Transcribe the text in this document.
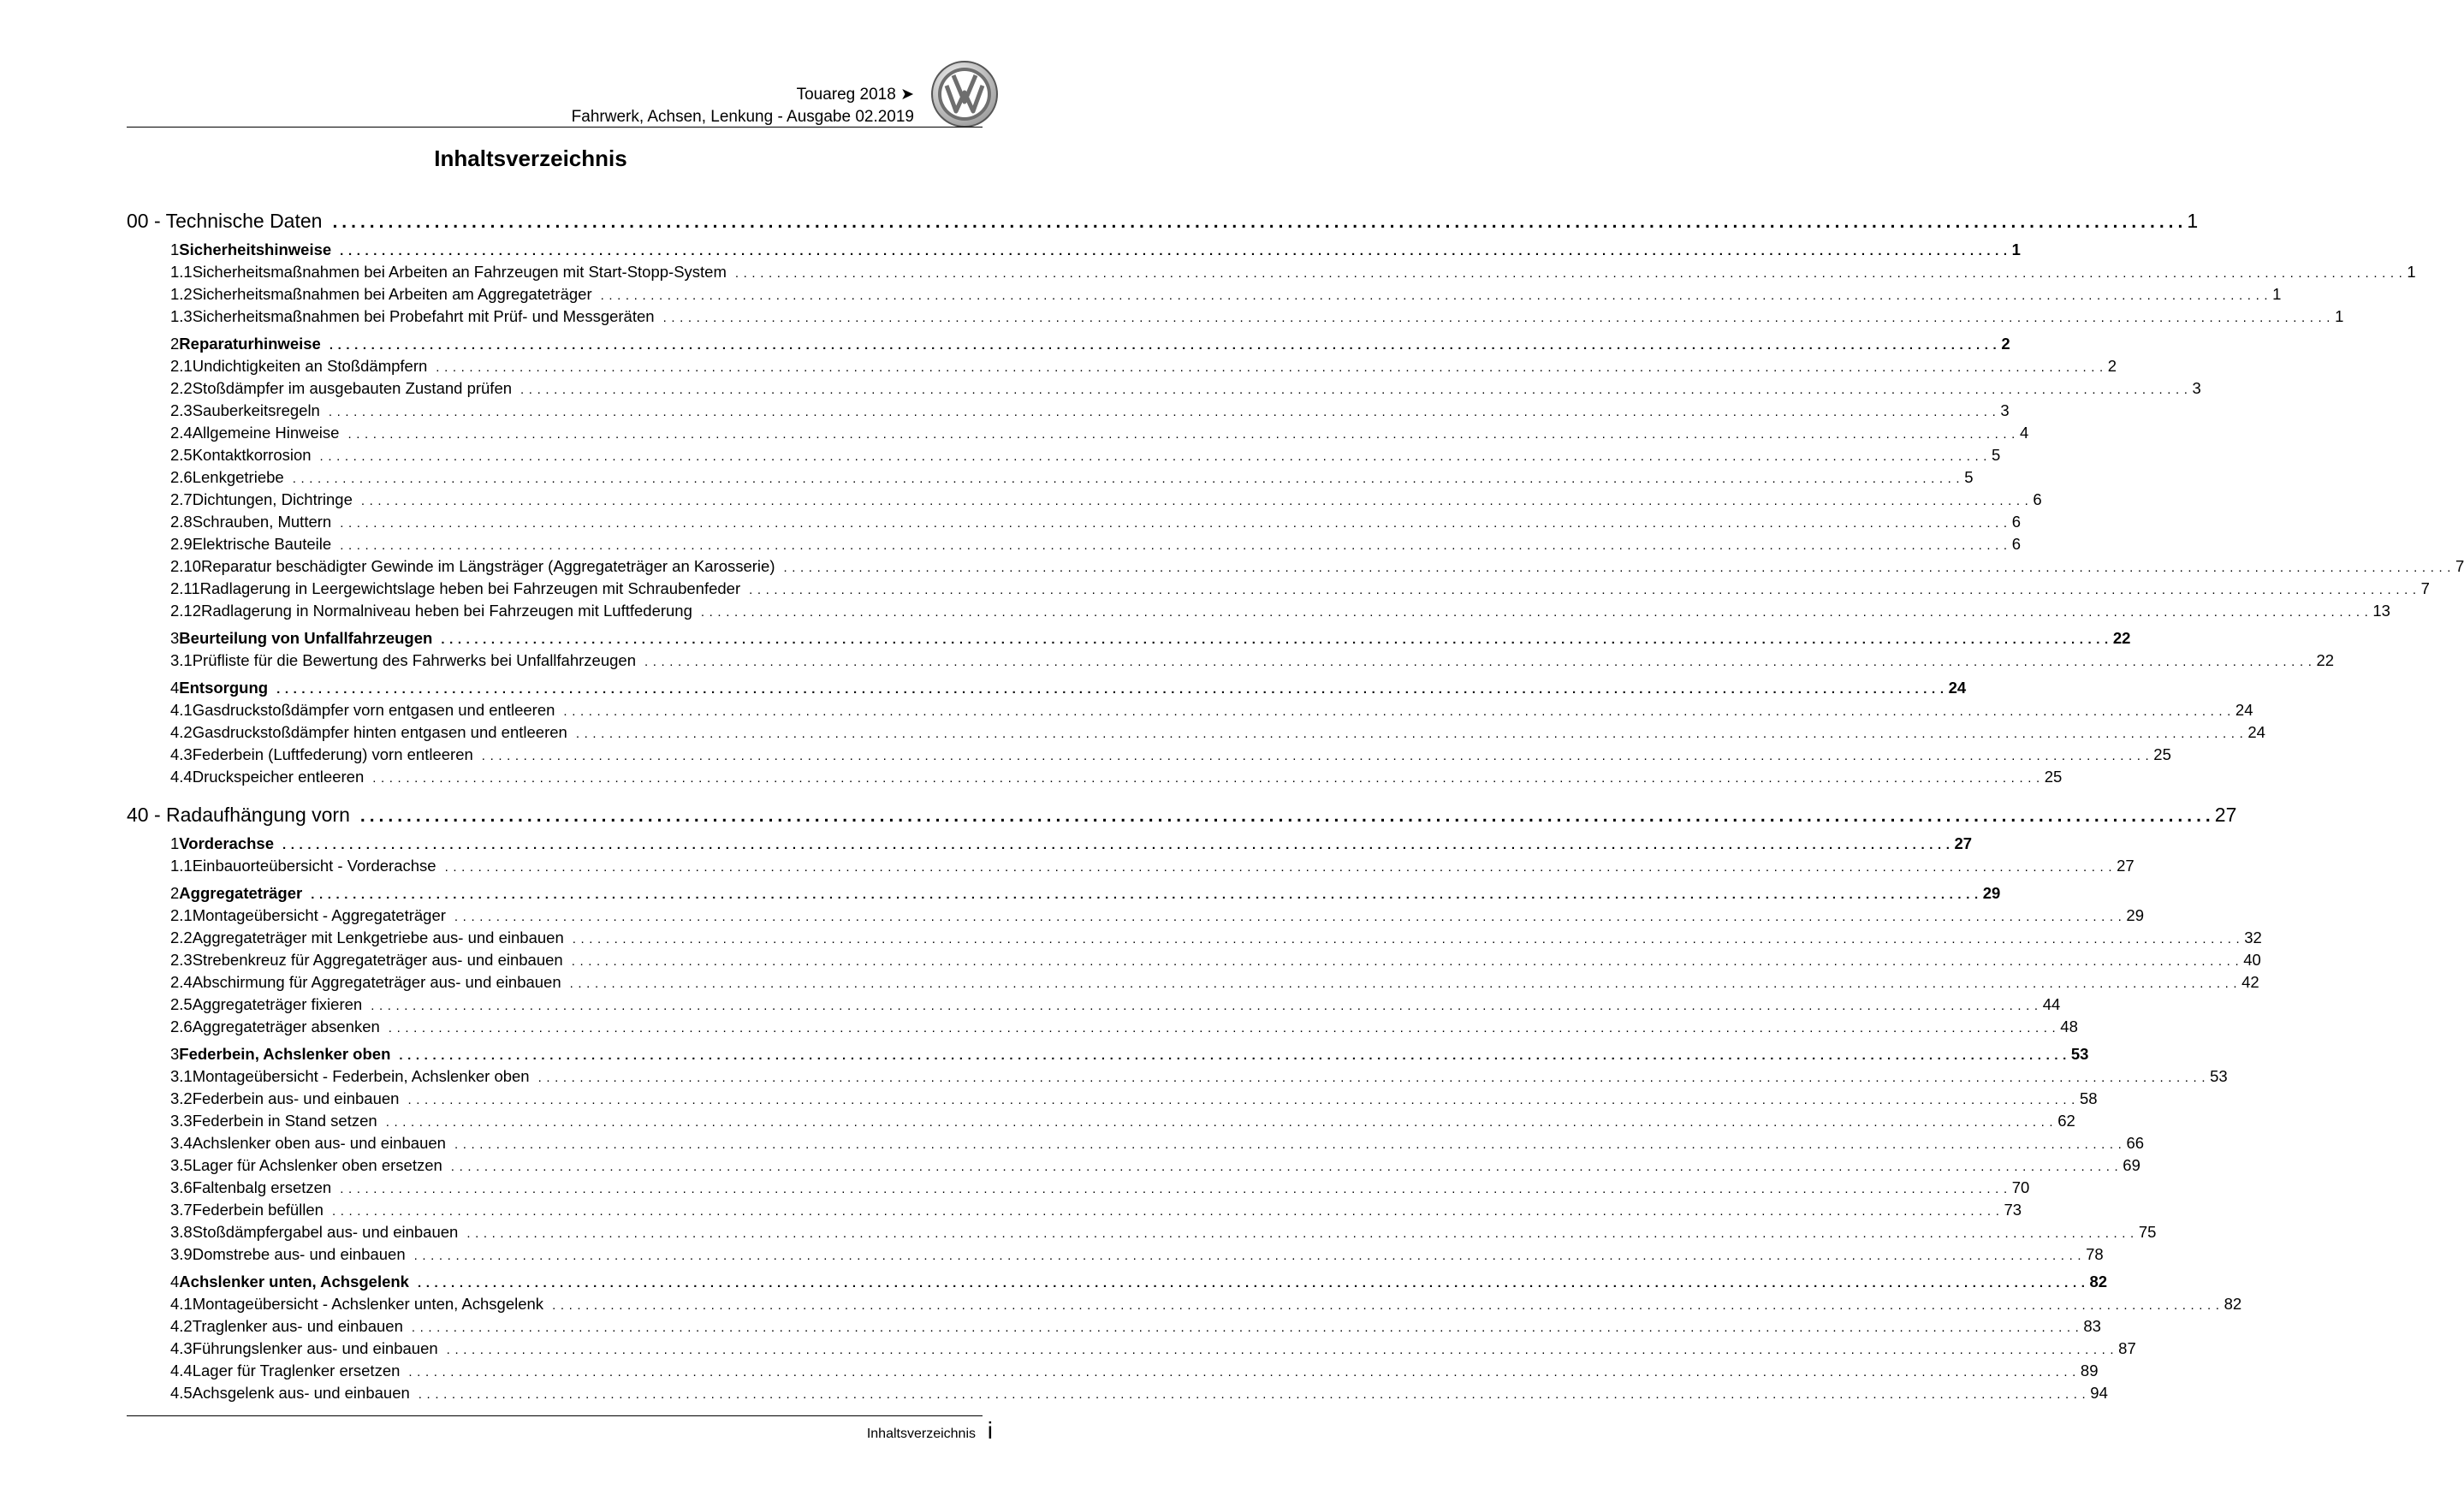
Touareg 2018 ➤
Fahrwerk, Achsen, Lenkung - Ausgabe 02.2019
Inhaltsverzeichnis
00 - Technische Daten ........................................................................................................................................................................................................ 1
1 Sicherheitshinweise ........................................................................................................................................................................................................ 1
1.1 Sicherheitsmaßnahmen bei Arbeiten an Fahrzeugen mit Start-Stopp-System ........................................................................................................................................................................................................ 1
1.2 Sicherheitsmaßnahmen bei Arbeiten am Aggregateträger ........................................................................................................................................................................................................ 1
1.3 Sicherheitsmaßnahmen bei Probefahrt mit Prüf- und Messgeräten ........................................................................................................................................................................................................ 1
2 Reparaturhinweise ........................................................................................................................................................................................................ 2
2.1 Undichtigkeiten an Stoßdämpfern ........................................................................................................................................................................................................ 2
2.2 Stoßdämpfer im ausgebauten Zustand prüfen ........................................................................................................................................................................................................ 3
2.3 Sauberkeitsregeln ........................................................................................................................................................................................................ 3
2.4 Allgemeine Hinweise ........................................................................................................................................................................................................ 4
2.5 Kontaktkorrosion ........................................................................................................................................................................................................ 5
2.6 Lenkgetriebe ........................................................................................................................................................................................................ 5
2.7 Dichtungen, Dichtringe ........................................................................................................................................................................................................ 6
2.8 Schrauben, Muttern ........................................................................................................................................................................................................ 6
2.9 Elektrische Bauteile ........................................................................................................................................................................................................ 6
2.10 Reparatur beschädigter Gewinde im Längsträger (Aggregateträger an Karosserie) ........................................................................................................................................................................................................ 7
2.11 Radlagerung in Leergewichtslage heben bei Fahrzeugen mit Schraubenfeder ........................................................................................................................................................................................................ 7
2.12 Radlagerung in Normalniveau heben bei Fahrzeugen mit Luftfederung ........................................................................................................................................................................................................ 13
3 Beurteilung von Unfallfahrzeugen ........................................................................................................................................................................................................ 22
3.1 Prüfliste für die Bewertung des Fahrwerks bei Unfallfahrzeugen ........................................................................................................................................................................................................ 22
4 Entsorgung ........................................................................................................................................................................................................ 24
4.1 Gasdruckstoßdämpfer vorn entgasen und entleeren ........................................................................................................................................................................................................ 24
4.2 Gasdruckstoßdämpfer hinten entgasen und entleeren ........................................................................................................................................................................................................ 24
4.3 Federbein (Luftfederung) vorn entleeren ........................................................................................................................................................................................................ 25
4.4 Druckspeicher entleeren ........................................................................................................................................................................................................ 25
40 - Radaufhängung vorn ........................................................................................................................................................................................................ 27
1 Vorderachse ........................................................................................................................................................................................................ 27
1.1 Einbauorteübersicht - Vorderachse ........................................................................................................................................................................................................ 27
2 Aggregateträger ........................................................................................................................................................................................................ 29
2.1 Montageübersicht - Aggregateträger ........................................................................................................................................................................................................ 29
2.2 Aggregateträger mit Lenkgetriebe aus- und einbauen ........................................................................................................................................................................................................ 32
2.3 Strebenkreuz für Aggregateträger aus- und einbauen ........................................................................................................................................................................................................ 40
2.4 Abschirmung für Aggregateträger aus- und einbauen ........................................................................................................................................................................................................ 42
2.5 Aggregateträger fixieren ........................................................................................................................................................................................................ 44
2.6 Aggregateträger absenken ........................................................................................................................................................................................................ 48
3 Federbein, Achslenker oben ........................................................................................................................................................................................................ 53
3.1 Montageübersicht - Federbein, Achslenker oben ........................................................................................................................................................................................................ 53
3.2 Federbein aus- und einbauen ........................................................................................................................................................................................................ 58
3.3 Federbein in Stand setzen ........................................................................................................................................................................................................ 62
3.4 Achslenker oben aus- und einbauen ........................................................................................................................................................................................................ 66
3.5 Lager für Achslenker oben ersetzen ........................................................................................................................................................................................................ 69
3.6 Faltenbalg ersetzen ........................................................................................................................................................................................................ 70
3.7 Federbein befüllen ........................................................................................................................................................................................................ 73
3.8 Stoßdämpfergabel aus- und einbauen ........................................................................................................................................................................................................ 75
3.9 Domstrebe aus- und einbauen ........................................................................................................................................................................................................ 78
4 Achslenker unten, Achsgelenk ........................................................................................................................................................................................................ 82
4.1 Montageübersicht - Achslenker unten, Achsgelenk ........................................................................................................................................................................................................ 82
4.2 Traglenker aus- und einbauen ........................................................................................................................................................................................................ 83
4.3 Führungslenker aus- und einbauen ........................................................................................................................................................................................................ 87
4.4 Lager für Traglenker ersetzen ........................................................................................................................................................................................................ 89
4.5 Achsgelenk aus- und einbauen ........................................................................................................................................................................................................ 94
Inhaltsverzeichnis i
